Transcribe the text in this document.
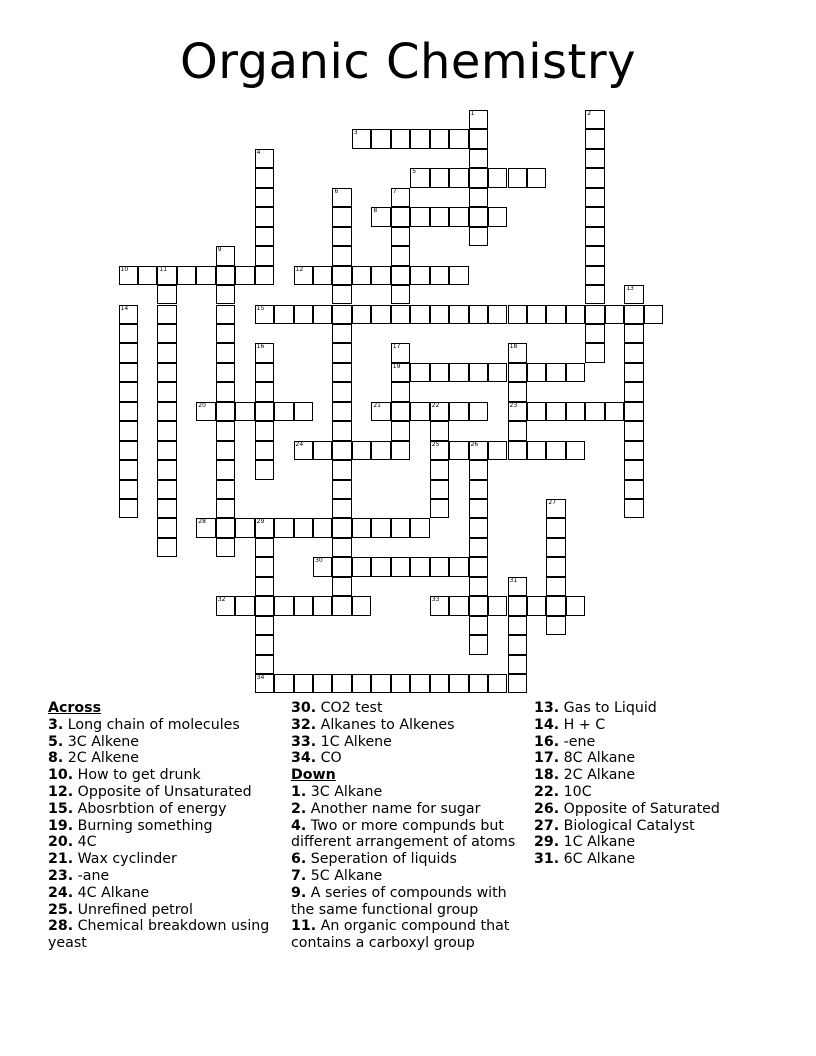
Organic Chemistry
1	2
3
4
5
6	7
8
9
10	11	12
13
14	15
16	17
19
18
23
20	21	22
25
24	26
27
28	29
30
31
32	33
34
Across
3. Long chain of molecules
5. 3C Alkene
8. 2C Alkene
10. How to get drunk
12. Opposite of Unsaturated
15. Abosrbtion of energy
19. Burning something
20. 4C
21. Wax cyclinder
23. -ane
24. 4C Alkane
25. Unrefined petrol
28. Chemical breakdown using yeast
30. CO2 test
32. Alkanes to Alkenes
33. 1C Alkene
34. CO
Down
1. 3C Alkane
2. Another name for sugar
4. Two or more compunds but different arrangement of atoms
6. Seperation of liquids
7. 5C Alkane
9. A series of compounds with the same functional group
11. An organic compound that contains a carboxyl group
13. Gas to Liquid
14. H + C
16. -ene
17. 8C Alkane
18. 2C Alkane
22. 10C
26. Opposite of Saturated
27. Biological Catalyst
29. 1C Alkane
31. 6C Alkane
